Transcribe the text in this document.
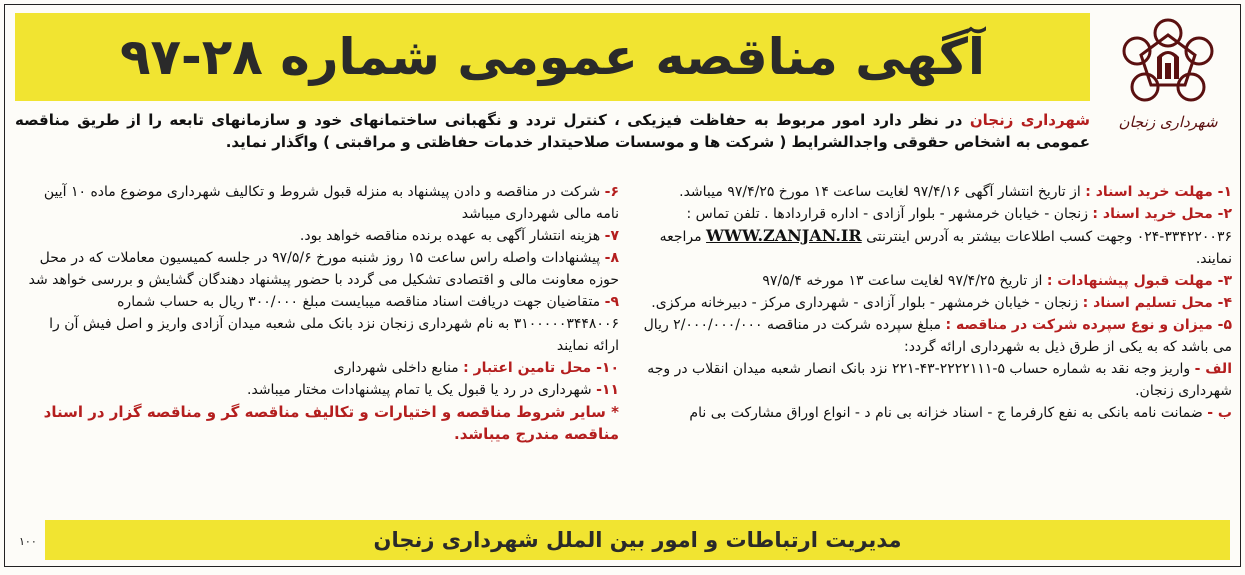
شهرداری زنجان
آگهی مناقصه عمومی شماره ۲۸-۹۷
شهرداری زنجان در نظر دارد امور مربوط به حفاظت فیزیکی ، کنترل تردد و نگهبانی ساختمانهای خود و سازمانهای تابعه را از طریق مناقصه عمومی به اشخاص حقوقی واجدالشرایط ( شرکت ها و موسسات صلاحیتدار خدمات حفاظتی و مراقبتی ) واگذار نماید.

۱- مهلت خرید اسناد : از تاریخ انتشار آگهی ۹۷/۴/۱۶ لغایت ساعت ۱۴ مورخ ۹۷/۴/۲۵ میباشد.

۲- محل خرید اسناد : زنجان - خیابان خرمشهر - بلوار آزادی - اداره قراردادها . تلفن تماس : ۳۳۴۲۲۰۰۳۶-۰۲۴ وجهت کسب اطلاعات بیشتر به آدرس اینترنتی WWW.ZANJAN.IR مراجعه نمایند.

۳- مهلت قبول پیشنهادات : از تاریخ ۹۷/۴/۲۵ لغایت ساعت ۱۳ مورخه ۹۷/۵/۴

۴- محل تسلیم اسناد : زنجان - خیابان خرمشهر - بلوار آزادی - شهرداری مرکز - دبیرخانه مرکزی.

۵- میزان و نوع سپرده شرکت در مناقصه : مبلغ سپرده شرکت در مناقصه ۲/۰۰۰/۰۰۰/۰۰۰ ریال می باشد که به یکی از طرق ذیل به شهرداری ارائه گردد:

الف - واریز وجه نقد به شماره حساب ۵-۲۲۲۲۱۱۱-۴۳-۲۲۱ نزد بانک انصار شعبه میدان انقلاب در وجه شهرداری زنجان.

ب - ضمانت نامه بانکی به نفع کارفرما ج - اسناد خزانه بی نام د - انواع اوراق مشارکت بی نام

۶- شرکت در مناقصه و دادن پیشنهاد به منزله قبول شروط و تکالیف شهرداری موضوع ماده ۱۰ آیین نامه مالی شهرداری میباشد

۷- هزینه انتشار آگهی به عهده برنده مناقصه خواهد بود.

۸- پیشنهادات واصله راس ساعت ۱۵ روز شنبه مورخ ۹۷/۵/۶ در جلسه کمیسیون معاملات که در محل حوزه معاونت مالی و اقتصادی تشکیل می گردد با حضور پیشنهاد دهندگان گشایش و بررسی خواهد شد

۹- متقاضیان جهت دریافت اسناد مناقصه میبایست مبلغ ۳۰۰/۰۰۰ ریال به حساب شماره ۳۱۰۰۰۰۰۳۴۴۸۰۰۶ به نام شهرداری زنجان نزد بانک ملی شعبه میدان آزادی واریز و اصل فیش آن را ارائه نمایند

۱۰- محل تامین اعتبار : منابع داخلی شهرداری

۱۱- شهرداری در رد یا قبول یک یا تمام پیشنهادات مختار میباشد.

* سایر شروط مناقصه و اختیارات و تکالیف مناقصه گر و مناقصه گزار در اسناد مناقصه مندرج میباشد.

مدیریت ارتباطات و امور بین الملل شهرداری زنجان
۱۰۰
